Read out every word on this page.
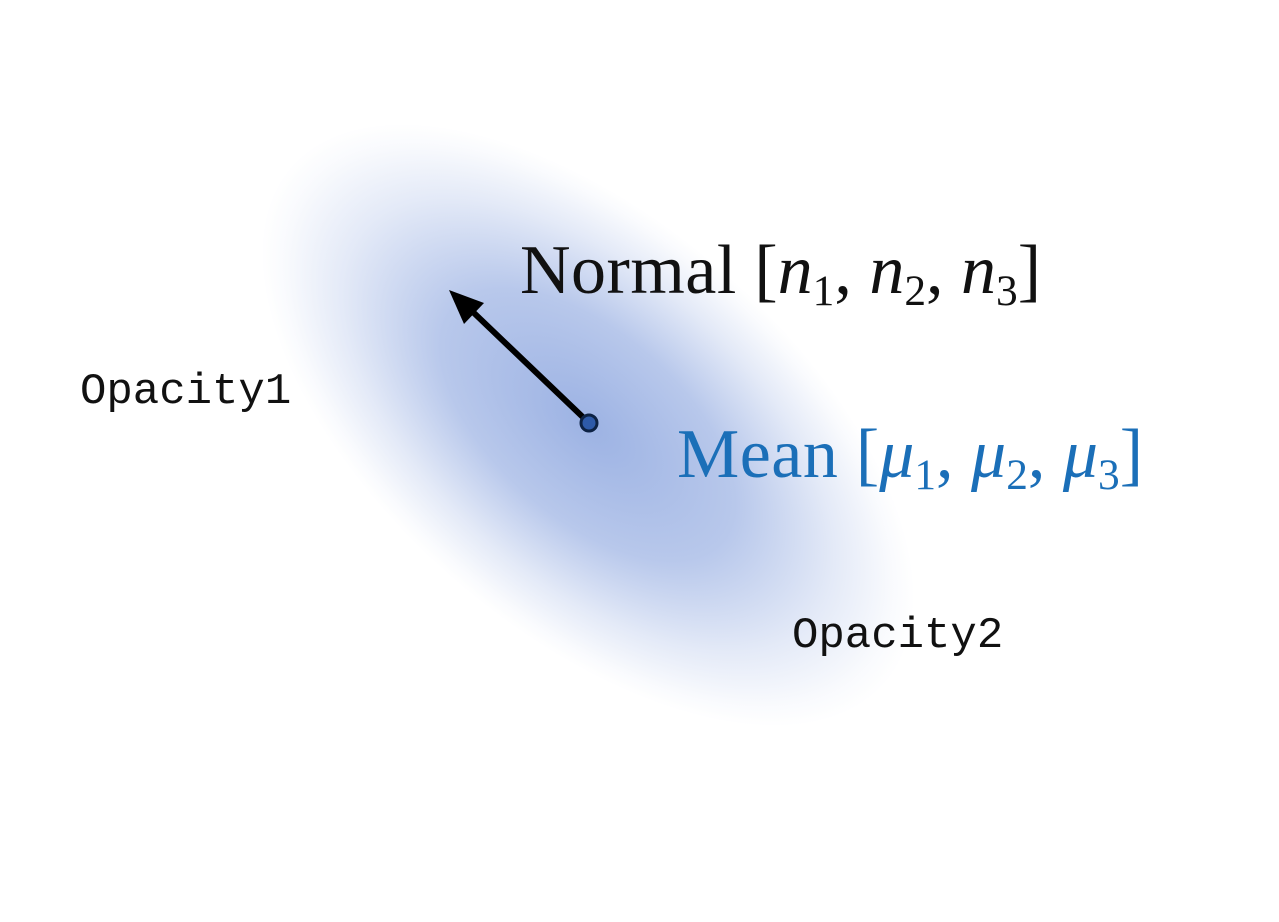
Normal [$n_1$, $n_2$, $n_3$]
Mean [$\mu_1$, $\mu_2$, $\mu_3$]
Opacity1
Opacity2
